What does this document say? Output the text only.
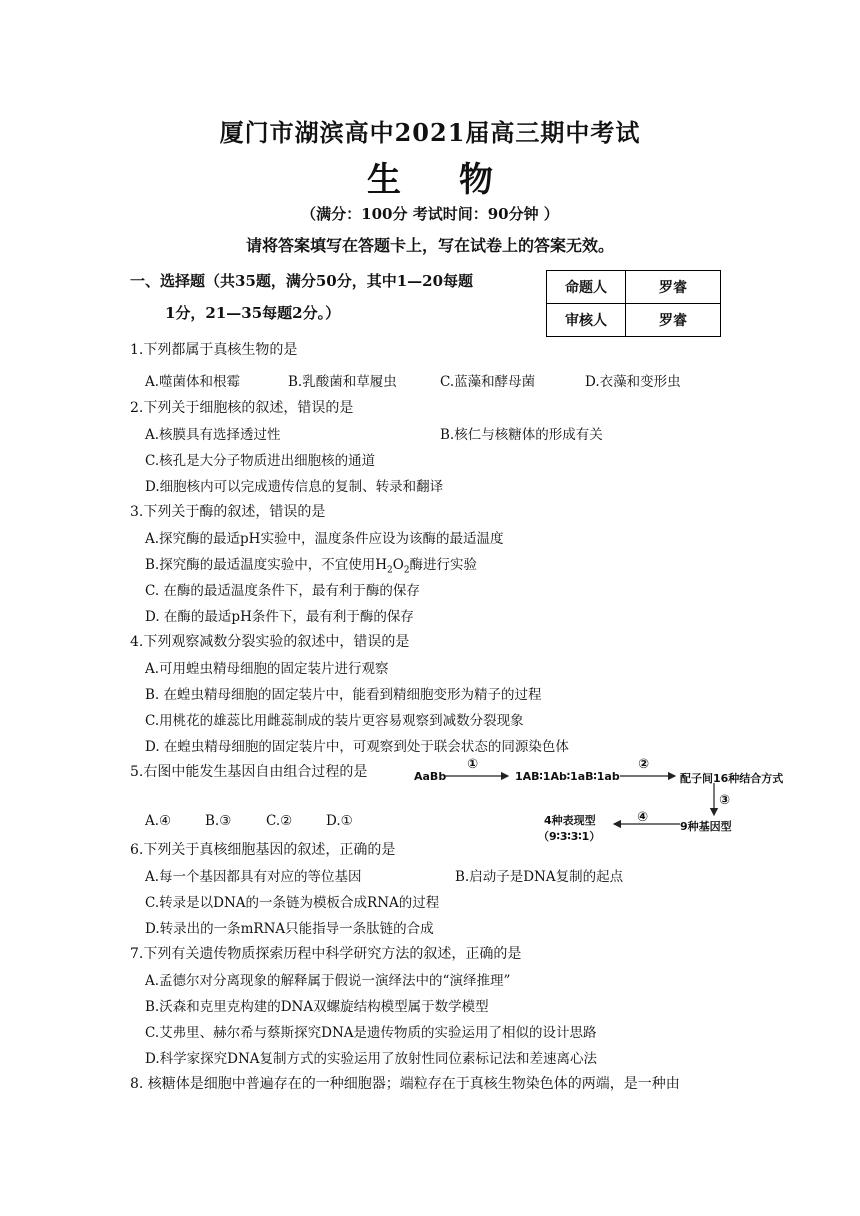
厦门市湖滨高中2021届高三期中考试
生物
（满分：100分 考试时间：90分钟 ）
请将答案填写在答题卡上，写在试卷上的答案无效。
一、选择题（共35题，满分50分，其中1—20每题
1分，21—35每题2分。）
命题人	罗睿
审核人	罗睿
1.下列都属于真核生物的是
A.噬菌体和根霉	B.乳酸菌和草履虫	C.蓝藻和酵母菌	D.衣藻和变形虫
2.下列关于细胞核的叙述，错误的是
A.核膜具有选择透过性	B.核仁与核糖体的形成有关
C.核孔是大分子物质进出细胞核的通道
D.细胞核内可以完成遗传信息的复制、转录和翻译
3.下列关于酶的叙述，错误的是
A.探究酶的最适pH实验中，温度条件应设为该酶的最适温度
B.探究酶的最适温度实验中，不宜使用$H_2O_2$酶进行实验
C. 在酶的最适温度条件下，最有利于酶的保存
D. 在酶的最适pH条件下，最有利于酶的保存
4.下列观察减数分裂实验的叙述中，错误的是
A.可用蝗虫精母细胞的固定装片进行观察
B. 在蝗虫精母细胞的固定装片中，能看到精细胞变形为精子的过程
C.用桃花的雄蕊比用雌蕊制成的装片更容易观察到减数分裂现象
D. 在蝗虫精母细胞的固定装片中，可观察到处于联会状态的同源染色体
5.右图中能发生基因自由组合过程的是
A.④	B.③	C.②	D.①
AaBb
①
1AB∶1Ab∶1aB∶1ab
②
配子间16种结合方式
③
9种基因型
④
4种表现型
（9∶3∶3∶1）
6.下列关于真核细胞基因的叙述，正确的是
A.每一个基因都具有对应的等位基因	B.启动子是DNA复制的起点
C.转录是以DNA的一条链为模板合成RNA的过程
D.转录出的一条mRNA只能指导一条肽链的合成
7.下列有关遗传物质探索历程中科学研究方法的叙述，正确的是
A.孟德尔对分离现象的解释属于假说一演绎法中的“演绎推理”
B.沃森和克里克构建的DNA双螺旋结构模型属于数学模型
C.艾弗里、赫尔希与蔡斯探究DNA是遗传物质的实验运用了相似的设计思路
D.科学家探究DNA复制方式的实验运用了放射性同位素标记法和差速离心法
8. 核糖体是细胞中普遍存在的一种细胞器；端粒存在于真核生物染色体的两端，是一种由
